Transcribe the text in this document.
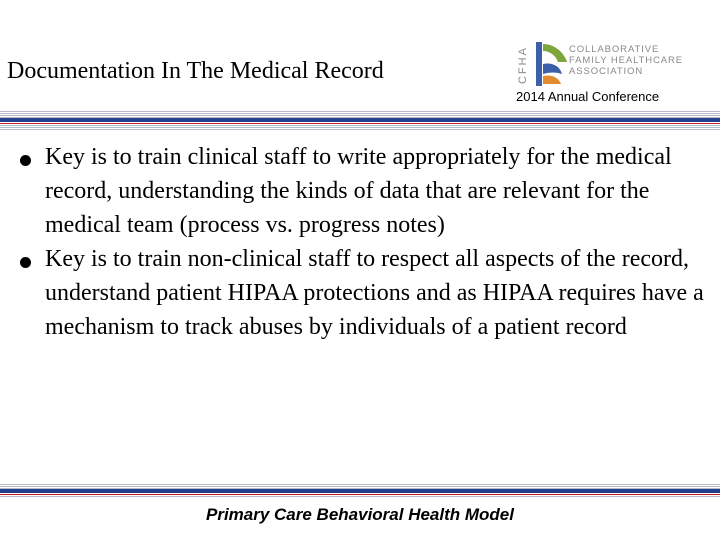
Documentation In The Medical Record	CFHA	COLLABORATIVE
FAMILY HEALTHCARE
ASSOCIATION
2014 Annual Conference
Key is to train clinical staff to write appropriately for the medical record, understanding the kinds of data that are relevant for the medical team (process vs. progress notes)
Key is to train non-clinical staff to respect all aspects of the record, understand patient HIPAA protections and as HIPAA requires have a mechanism to track abuses by individuals of a patient record
Primary Care Behavioral Health Model
